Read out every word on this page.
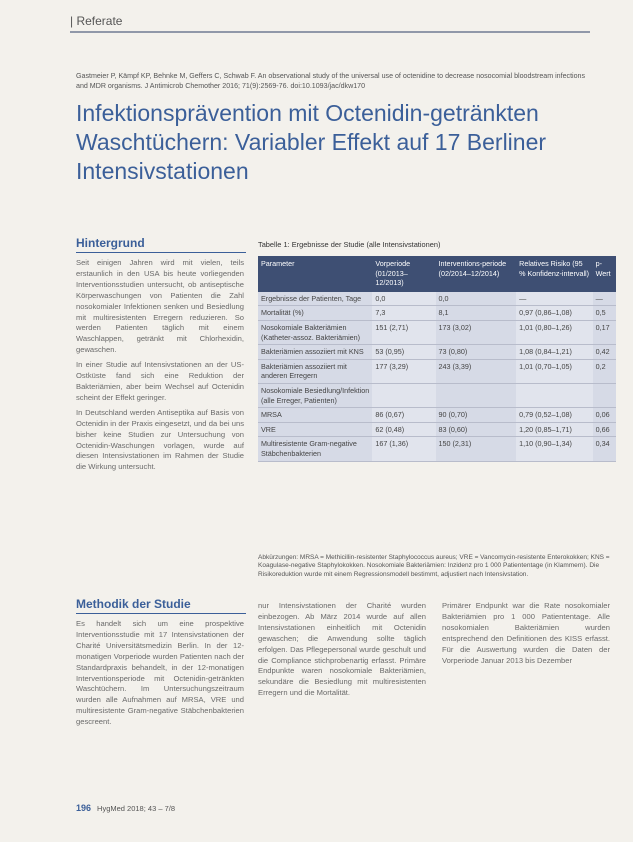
| Referate
Gastmeier P, Kämpf KP, Behnke M, Geffers C, Schwab F. An observational study of the universal use of octenidine to decrease nosocomial bloodstream infections and MDR organisms. J Antimicrob Chemother 2016; 71(9):2569-76. doi:10.1093/jac/dkw170
Infektionsprävention mit Octenidin-getränkten Waschtüchern: Variabler Effekt auf 17 Berliner Intensivstationen
Hintergrund

Seit einigen Jahren wird mit vielen, teils erstaunlich in den USA bis heute vorliegenden Interventionsstudien untersucht, ob antiseptische Körperwaschungen von Patienten die Zahl nosokomialer Infektionen senken und Besiedlung mit multiresistenten Erregern reduzieren. So werden Patienten täglich mit einem Waschlappen, getränkt mit Chlorhexidin, gewaschen.

In einer Studie auf Intensivstationen an der US-Ostküste fand sich eine Reduktion der Bakteriämien, aber beim Wechsel auf Octenidin scheint der Effekt geringer.

In Deutschland werden Antiseptika auf Basis von Octenidin in der Praxis eingesetzt, und da bei uns bisher keine Studien zur Untersuchung von Octenidin-Waschungen vorlagen, wurde auf diesen Intensivstationen im Rahmen der Studie die Wirkung untersucht.

Tabelle 1: Ergebnisse der Studie (alle Intensivstationen)
Parameter	Vorperiode (01/2013–12/2013)	Interventions-periode (02/2014–12/2014)	Relatives Risiko (95 % Konfidenz-intervall)	p-Wert
Ergebnisse der Patienten, Tage	0,0	0,0	—	—
Mortalität (%)	7,3	8,1	0,97 (0,86–1,08)	0,5
Nosokomiale Bakteriämien (Katheter-assoz. Bakteriämien)	151 (2,71)	173 (3,02)	1,01 (0,80–1,26)	0,17
Bakteriämien assoziiert mit KNS	53 (0,95)	73 (0,80)	1,08 (0,84–1,21)	0,42
Bakteriämien assoziiert mit anderen Erregern	177 (3,29)	243 (3,39)	1,01 (0,70–1,05)	0,2
Nosokomiale Besiedlung/Infektion (alle Erreger, Patienten)				
MRSA	86 (0,67)	90 (0,70)	0,79 (0,52–1,08)	0,06
VRE	62 (0,48)	83 (0,60)	1,20 (0,85–1,71)	0,66
Multiresistente Gram-negative Stäbchenbakterien	167 (1,36)	150 (2,31)	1,10 (0,90–1,34)	0,34
Abkürzungen: MRSA = Methicillin-resistenter Staphylococcus aureus; VRE = Vancomycin-resistente Enterokokken; KNS = Koagulase-negative Staphylokokken. Nosokomiale Bakteriämien: Inzidenz pro 1 000 Patiententage (in Klammern). Die Risikoreduktion wurde mit einem Regressionsmodell bestimmt, adjustiert nach Intensivstation.
Methodik der Studie

Es handelt sich um eine prospektive Interventionsstudie mit 17 Intensivstationen der Charité Universitätsmedizin Berlin. In der 12-monatigen Vorperiode wurden Patienten nach der Standardpraxis behandelt, in der 12-monatigen Interventionsperiode mit Octenidin-getränkten Waschtüchern. Im Untersuchungszeitraum wurden alle Aufnahmen auf MRSA, VRE und multiresistente Gram-negative Stäbchenbakterien gescreent.

nur Intensivstationen der Charité wurden einbezogen. Ab März 2014 wurde auf allen Intensivstationen einheitlich mit Octenidin gewaschen; die Anwendung sollte täglich erfolgen. Das Pflegepersonal wurde geschult und die Compliance stichprobenartig erfasst. Primäre Endpunkte waren nosokomiale Bakteriämien, sekundäre die Besiedlung mit multiresistenten Erregern und die Mortalität.

Primärer Endpunkt war die Rate nosokomialer Bakteriämien pro 1 000 Patiententage. Alle nosokomialen Bakteriämien wurden entsprechend den Definitionen des KISS erfasst. Für die Auswertung wurden die Daten der Vorperiode Januar 2013 bis Dezember

196 HygMed 2018; 43 – 7/8
